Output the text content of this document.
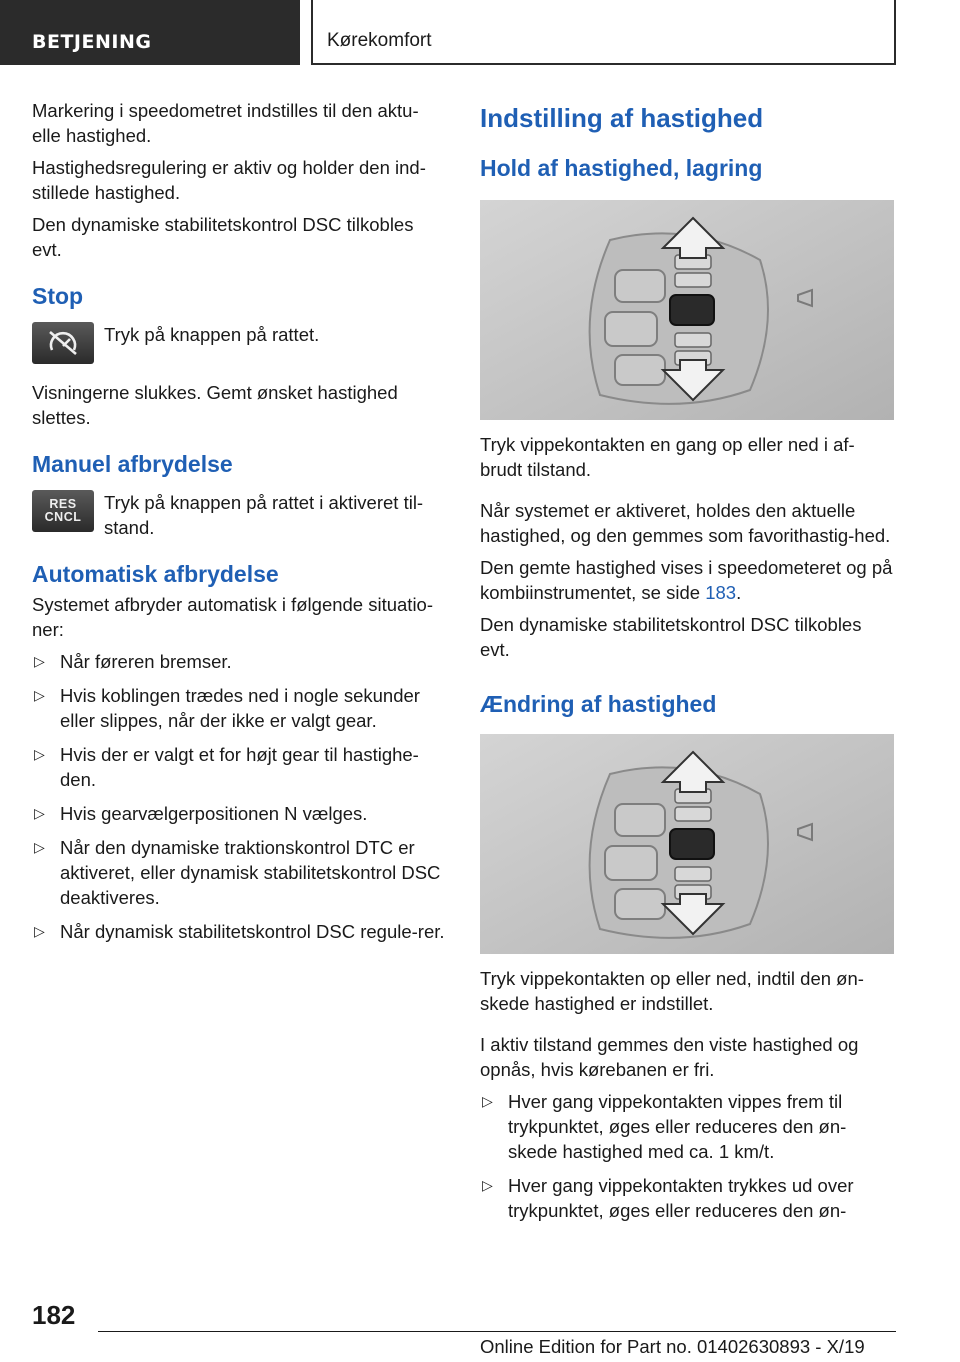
BETJENING	Kørekomfort

Markering i speedometret indstilles til den aktu-elle hastighed.

Hastighedsregulering er aktiv og holder den ind-stillede hastighed.

Den dynamiske stabilitetskontrol DSC tilkobles evt.

Stop

Tryk på knappen på rattet.

Visningerne slukkes. Gemt ønsket hastighed slettes.

Manuel afbrydelse
RES
CNCL

Tryk på knappen på rattet i aktiveret til-stand.

Automatisk afbrydelse

Systemet afbryder automatisk i følgende situatio-ner:

▷ Når føreren bremser.
▷ Hvis koblingen trædes ned i nogle sekunder eller slippes, når der ikke er valgt gear.
▷ Hvis der er valgt et for højt gear til hastighe-den.
▷ Hvis gearvælgerpositionen N vælges.
▷ Når den dynamiske traktionskontrol DTC er aktiveret, eller dynamisk stabilitetskontrol DSC deaktiveres.
▷ Når dynamisk stabilitetskontrol DSC regule-rer.
Indstilling af hastighed
Hold af hastighed, lagring

Tryk vippekontakten en gang op eller ned i af-brudt tilstand.

Når systemet er aktiveret, holdes den aktuelle hastighed, og den gemmes som favorithastig-hed.

Den gemte hastighed vises i speedometeret og på kombiinstrumentet, se side 183.

Den dynamiske stabilitetskontrol DSC tilkobles evt.

Ændring af hastighed

Tryk vippekontakten op eller ned, indtil den øn-skede hastighed er indstillet.

I aktiv tilstand gemmes den viste hastighed og opnås, hvis kørebanen er fri.

▷ Hver gang vippekontakten vippes frem til trykpunktet, øges eller reduceres den øn-skede hastighed med ca. 1 km/t.
▷ Hver gang vippekontakten trykkes ud over trykpunktet, øges eller reduceres den øn-
182
Online Edition for Part no. 01402630893 - X/19
